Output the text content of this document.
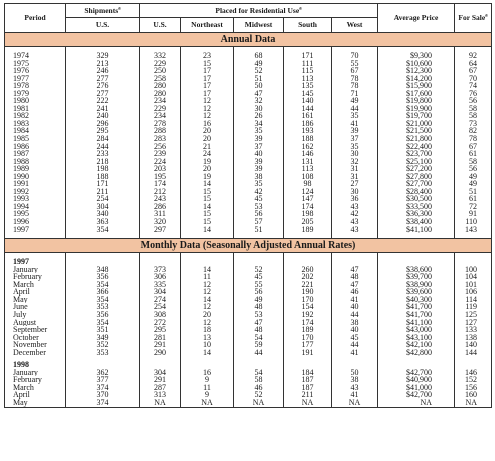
Period	Shipments$^a$	Placed for Residential Use$^a$					Average Price	For Sale$^a$
	U.S.	U.S.	Northeast	Midwest	South	West		
Annual Data								

1974	329	332	23	68	171	70	$9,300	92
1975	213	229	15	49	111	55	$10,600	64
1976	246	250	17	52	115	67	$12,300	67
1977	277	258	17	51	113	78	$14,200	70
1978	276	280	17	50	135	78	$15,900	74
1979	277	280	17	47	145	71	$17,600	76
1980	222	234	12	32	140	49	$19,800	56
1981	241	229	12	30	144	44	$19,900	58
1982	240	234	12	26	161	35	$19,700	58
1983	296	278	16	34	186	41	$21,000	73
1984	295	288	20	35	193	39	$21,500	82
1985	284	283	20	39	188	37	$21,800	78
1986	244	256	21	37	162	35	$22,400	67
1987	233	239	24	40	146	30	$23,700	61
1988	218	224	19	39	131	32	$25,100	58
1989	198	203	20	39	113	31	$27,200	56
1990	188	195	19	38	108	31	$27,800	49
1991	171	174	14	35	98	27	$27,700	49
1992	211	212	15	42	124	30	$28,400	51
1993	254	243	15	45	147	36	$30,500	61
1994	304	286	14	53	174	43	$33,500	72
1995	340	311	15	56	198	42	$36,300	91
1996	363	320	15	57	205	43	$38,400	110
1997	354	297	14	51	189	43	$41,100	143

Monthly Data (Seasonally Adjusted Annual Rates)								

1997								
January	348	373	14	52	260	47	$38,600	100
February	356	306	11	45	202	48	$39,700	104
March	354	335	12	55	221	47	$38,900	101
April	366	304	12	56	190	46	$39,600	106
May	354	274	14	49	170	41	$40,300	114
June	353	254	12	48	154	40	$41,700	119
July	356	308	20	53	192	44	$41,700	125
August	354	272	12	47	174	38	$41,100	127
September	351	295	18	48	189	40	$43,000	133
October	349	281	13	54	170	45	$43,100	138
November	352	291	10	59	177	44	$42,100	140
December	353	290	14	44	191	41	$42,800	144

1998								
January	362	304	16	54	184	50	$42,700	146
February	377	291	9	58	187	38	$40,900	152
March	374	287	11	46	187	43	$41,000	156
April	370	313	9	52	211	41	$42,700	160
May	374	NA	NA	NA	NA	NA	NA	NA
